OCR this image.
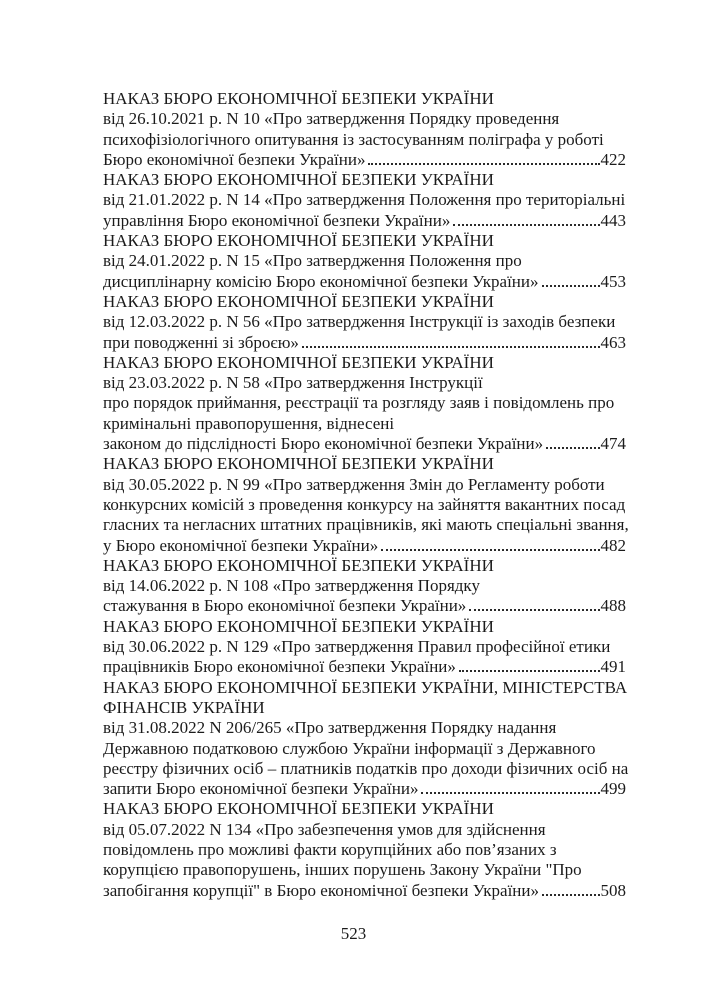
НАКАЗ БЮРО ЕКОНОМІЧНОЇ БЕЗПЕКИ УКРАЇНИ
від 26.10.2021 р. N 10 «Про затвердження Порядку проведення
психофізіологічного опитування із застосуванням поліграфа у роботі
Бюро економічної безпеки України»	422
НАКАЗ БЮРО ЕКОНОМІЧНОЇ БЕЗПЕКИ УКРАЇНИ
від 21.01.2022 р. N 14 «Про затвердження Положення про територіальні
управління Бюро економічної безпеки України»	443
НАКАЗ БЮРО ЕКОНОМІЧНОЇ БЕЗПЕКИ УКРАЇНИ
від 24.01.2022 р. N 15 «Про затвердження Положення про
дисциплінарну комісію Бюро економічної безпеки України»	453
НАКАЗ БЮРО ЕКОНОМІЧНОЇ БЕЗПЕКИ УКРАЇНИ
від 12.03.2022 р. N 56 «Про затвердження Інструкції із заходів безпеки
при поводженні зі зброєю»	463
НАКАЗ БЮРО ЕКОНОМІЧНОЇ БЕЗПЕКИ УКРАЇНИ
від 23.03.2022 р. N 58 «Про затвердження Інструкції
про порядок приймання, реєстрації та розгляду заяв і повідомлень про
кримінальні правопорушення, віднесені
законом до підслідності Бюро економічної безпеки України»	474
НАКАЗ БЮРО ЕКОНОМІЧНОЇ БЕЗПЕКИ УКРАЇНИ
від 30.05.2022 р. N 99 «Про затвердження Змін до Регламенту роботи
конкурсних комісій з проведення конкурсу на зайняття вакантних посад
гласних та негласних штатних працівників, які мають спеціальні звання,
у Бюро економічної безпеки України»	482
НАКАЗ БЮРО ЕКОНОМІЧНОЇ БЕЗПЕКИ УКРАЇНИ
від 14.06.2022 р. N 108 «Про затвердження Порядку
стажування в Бюро економічної безпеки України»	488
НАКАЗ БЮРО ЕКОНОМІЧНОЇ БЕЗПЕКИ УКРАЇНИ
від 30.06.2022 р. N 129 «Про затвердження Правил професійної етики
працівників Бюро економічної безпеки України»	491
НАКАЗ БЮРО ЕКОНОМІЧНОЇ БЕЗПЕКИ УКРАЇНИ, МІНІСТЕРСТВА
ФІНАНСІВ УКРАЇНИ
від 31.08.2022 N 206/265 «Про затвердження Порядку надання
Державною податковою службою України інформації з Державного
реєстру фізичних осіб – платників податків про доходи фізичних осіб на
запити Бюро економічної безпеки України»	499
НАКАЗ БЮРО ЕКОНОМІЧНОЇ БЕЗПЕКИ УКРАЇНИ
від 05.07.2022 N 134 «Про забезпечення умов для здійснення
повідомлень про можливі факти корупційних або пов’язаних з
корупцією правопорушень, інших порушень Закону України "Про
запобігання корупції" в Бюро економічної безпеки України»	508
523
